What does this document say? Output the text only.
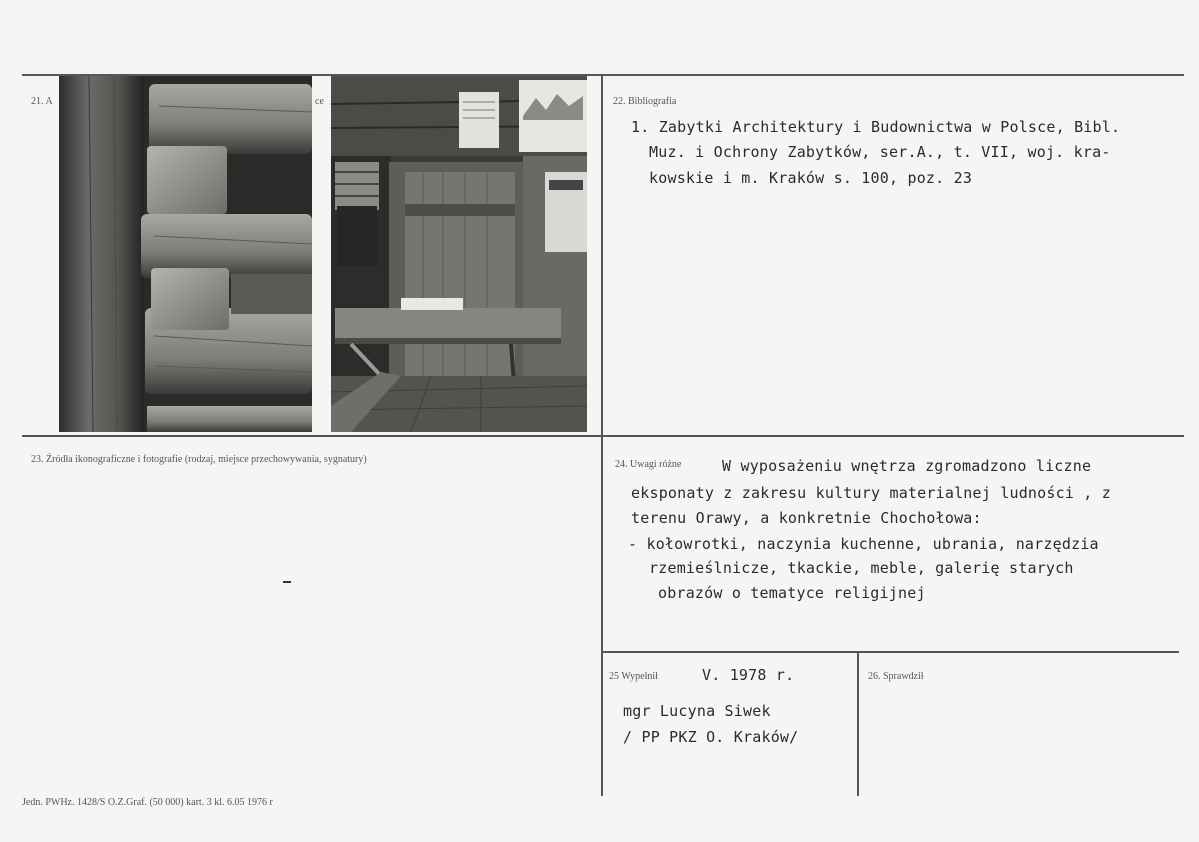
21. A	ce	22. Bibliografia
1. Zabytki Architektury i Budownictwa w Polsce, Bibl.
Muz. i Ochrony Zabytków, ser.A., t. VII, woj. kra-
kowskie i m. Kraków s. 100, poz. 23
23. Źródła ikonograficzne i fotografie (rodzaj, miejsce przechowywania, sygnatury)	24. Uwagi różne	W wyposażeniu wnętrza zgromadzono liczne
eksponaty z zakresu kultury materialnej ludności , z
terenu Orawy, a konkretnie Chochołowa:
- kołowrotki, naczynia kuchenne, ubrania, narzędzia
rzemieślnicze, tkackie, meble, galerię starych
obrazów o tematyce religijnej
25 Wypełnił	V. 1978 r.
mgr Lucyna Siwek
/ PP PKZ O. Kraków/
26. Sprawdził
Jedn. PWHz. 1428/S O.Z.Graf. (50 000) kart. 3 kl. 6.05 1976 r
